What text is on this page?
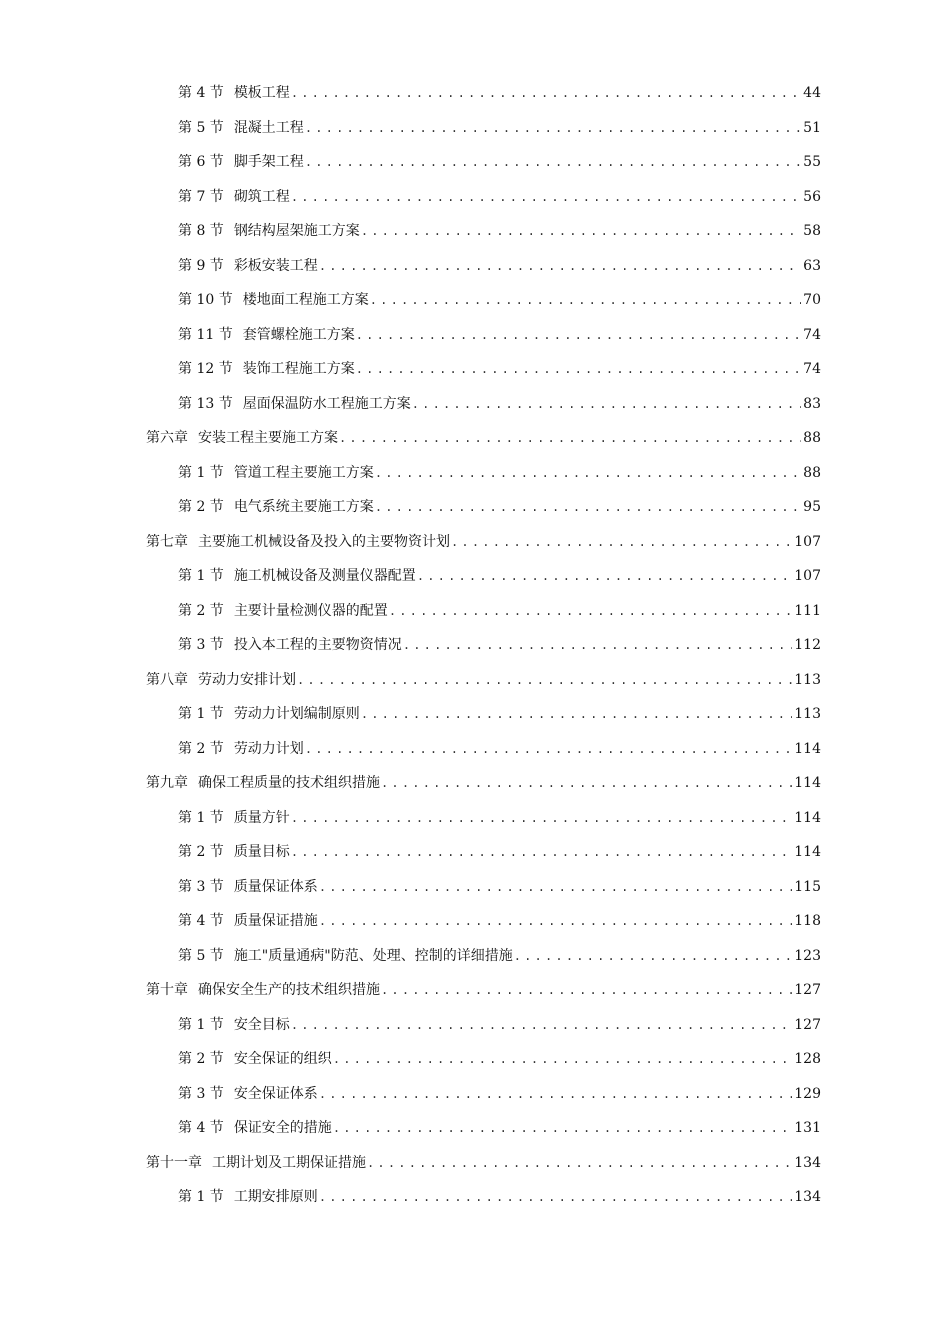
第 4 节 模板工程 .....	44
第 5 节 混凝土工程 .....	51
第 6 节 脚手架工程 .....	55
第 7 节 砌筑工程 .....	56
第 8 节 钢结构屋架施工方案 .....	58
第 9 节 彩板安装工程 .....	63
第 10 节 楼地面工程施工方案 .....	70
第 11 节 套管螺栓施工方案 .....	74
第 12 节 装饰工程施工方案 .....	74
第 13 节 屋面保温防水工程施工方案 .....	83
第六章 安装工程主要施工方案 .....	88
第 1 节 管道工程主要施工方案 .....	88
第 2 节 电气系统主要施工方案 .....	95
第七章 主要施工机械设备及投入的主要物资计划 .....	107
第 1 节 施工机械设备及测量仪器配置 .....	107
第 2 节 主要计量检测仪器的配置 .....	111
第 3 节 投入本工程的主要物资情况 .....	112
第八章 劳动力安排计划 .....	113
第 1 节 劳动力计划编制原则 .....	113
第 2 节 劳动力计划 .....	114
第九章 确保工程质量的技术组织措施 .....	114
第 1 节 质量方针 .....	114
第 2 节 质量目标 .....	114
第 3 节 质量保证体系 .....	115
第 4 节 质量保证措施 .....	118
第 5 节 施工"质量通病"防范、处理、控制的详细措施 .....	123
第十章 确保安全生产的技术组织措施 .....	127
第 1 节 安全目标 .....	127
第 2 节 安全保证的组织 .....	128
第 3 节 安全保证体系 .....	129
第 4 节 保证安全的措施 .....	131
第十一章 工期计划及工期保证措施 .....	134
第 1 节 工期安排原则 .....	134
